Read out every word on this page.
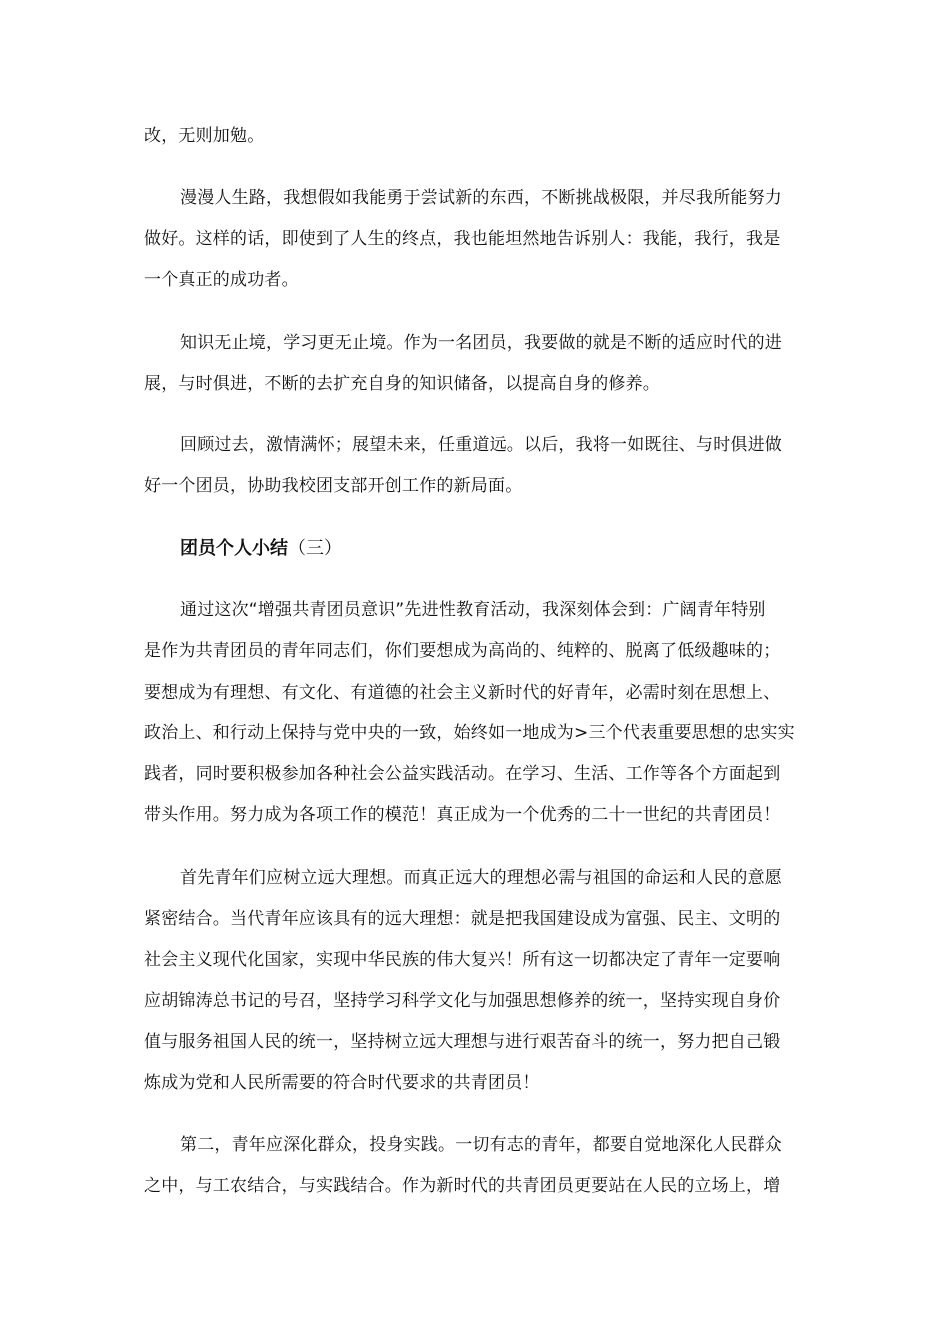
改，无则加勉。
漫漫人生路，我想假如我能勇于尝试新的东西，不断挑战极限，并尽我所能努力
做好。这样的话，即使到了人生的终点，我也能坦然地告诉别人：我能，我行，我是
一个真正的成功者。
知识无止境，学习更无止境。作为一名团员，我要做的就是不断的适应时代的进
展，与时俱进，不断的去扩充自身的知识储备，以提高自身的修养。
回顾过去，激情满怀；展望未来，任重道远。以后，我将一如既往、与时俱进做
好一个团员，协助我校团支部开创工作的新局面。
团员个人小结（三）
通过这次“增强共青团员意识”先进性教育活动，我深刻体会到：广阔青年特别
是作为共青团员的青年同志们，你们要想成为高尚的、纯粹的、脱离了低级趣味的；
要想成为有理想、有文化、有道德的社会主义新时代的好青年，必需时刻在思想上、
政治上、和行动上保持与党中央的一致，始终如一地成为>三个代表重要思想的忠实实
践者，同时要积极参加各种社会公益实践活动。在学习、生活、工作等各个方面起到
带头作用。努力成为各项工作的模范！真正成为一个优秀的二十一世纪的共青团员！
首先青年们应树立远大理想。而真正远大的理想必需与祖国的命运和人民的意愿
紧密结合。当代青年应该具有的远大理想：就是把我国建设成为富强、民主、文明的
社会主义现代化国家，实现中华民族的伟大复兴！所有这一切都决定了青年一定要响
应胡锦涛总书记的号召，坚持学习科学文化与加强思想修养的统一，坚持实现自身价
值与服务祖国人民的统一，坚持树立远大理想与进行艰苦奋斗的统一，努力把自己锻
炼成为党和人民所需要的符合时代要求的共青团员！
第二，青年应深化群众，投身实践。一切有志的青年，都要自觉地深化人民群众
之中，与工农结合，与实践结合。作为新时代的共青团员更要站在人民的立场上，增
